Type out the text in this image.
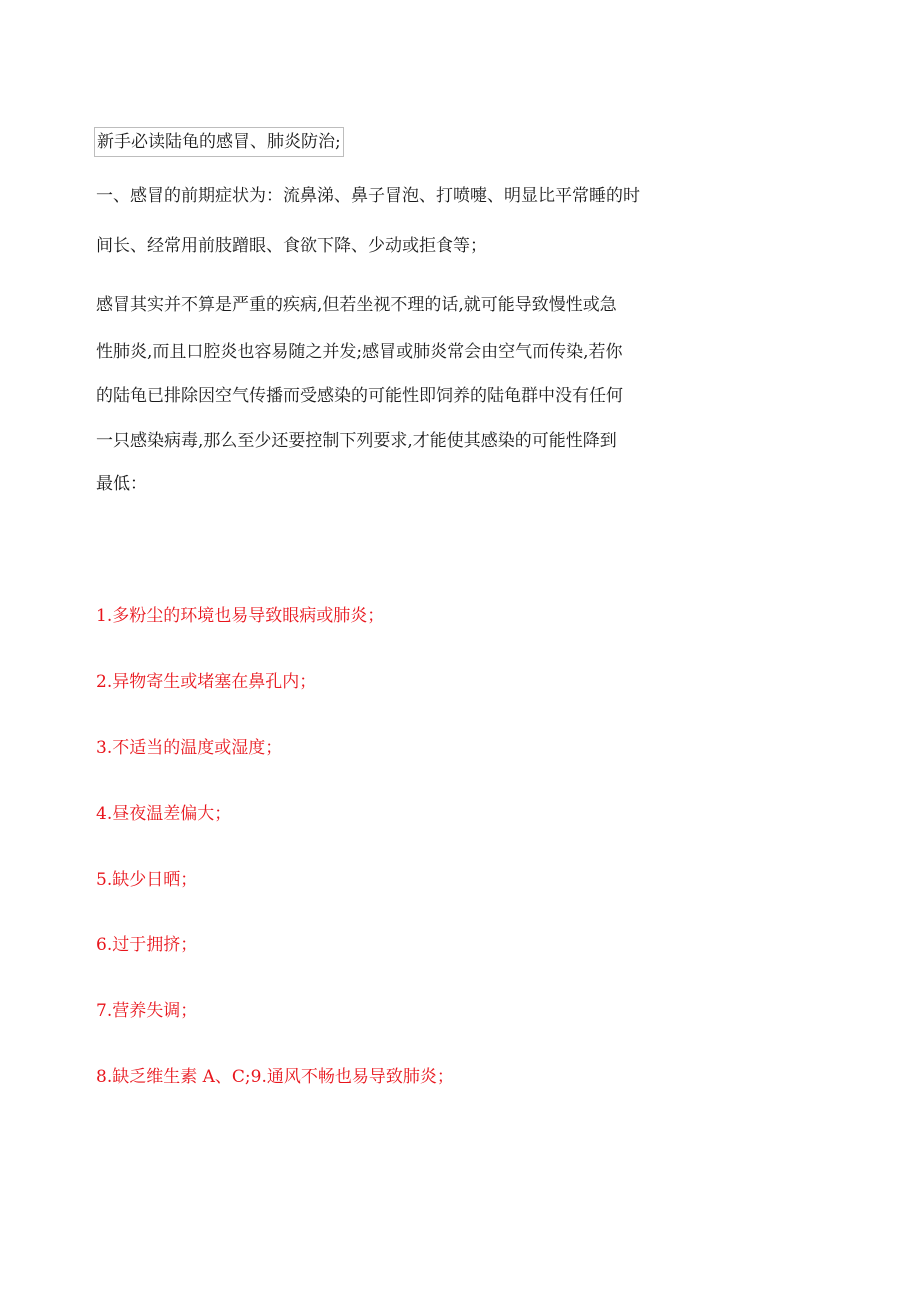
新手必读陆龟的感冒、肺炎防治;
一、感冒的前期症状为：流鼻涕、鼻子冒泡、打喷嚏、明显比平常睡的时
间长、经常用前肢蹭眼、食欲下降、少动或拒食等；
感冒其实并不算是严重的疾病,但若坐视不理的话,就可能导致慢性或急
性肺炎,而且口腔炎也容易随之并发;感冒或肺炎常会由空气而传染,若你
的陆龟已排除因空气传播而受感染的可能性即饲养的陆龟群中没有任何
一只感染病毒,那么至少还要控制下列要求,才能使其感染的可能性降到
最低：
1.多粉尘的环境也易导致眼病或肺炎；
2.异物寄生或堵塞在鼻孔内；
3.不适当的温度或湿度；
4.昼夜温差偏大；
5.缺少日晒；
6.过于拥挤；
7.营养失调；
8.缺乏维生素 A、C;9.通风不畅也易导致肺炎；
